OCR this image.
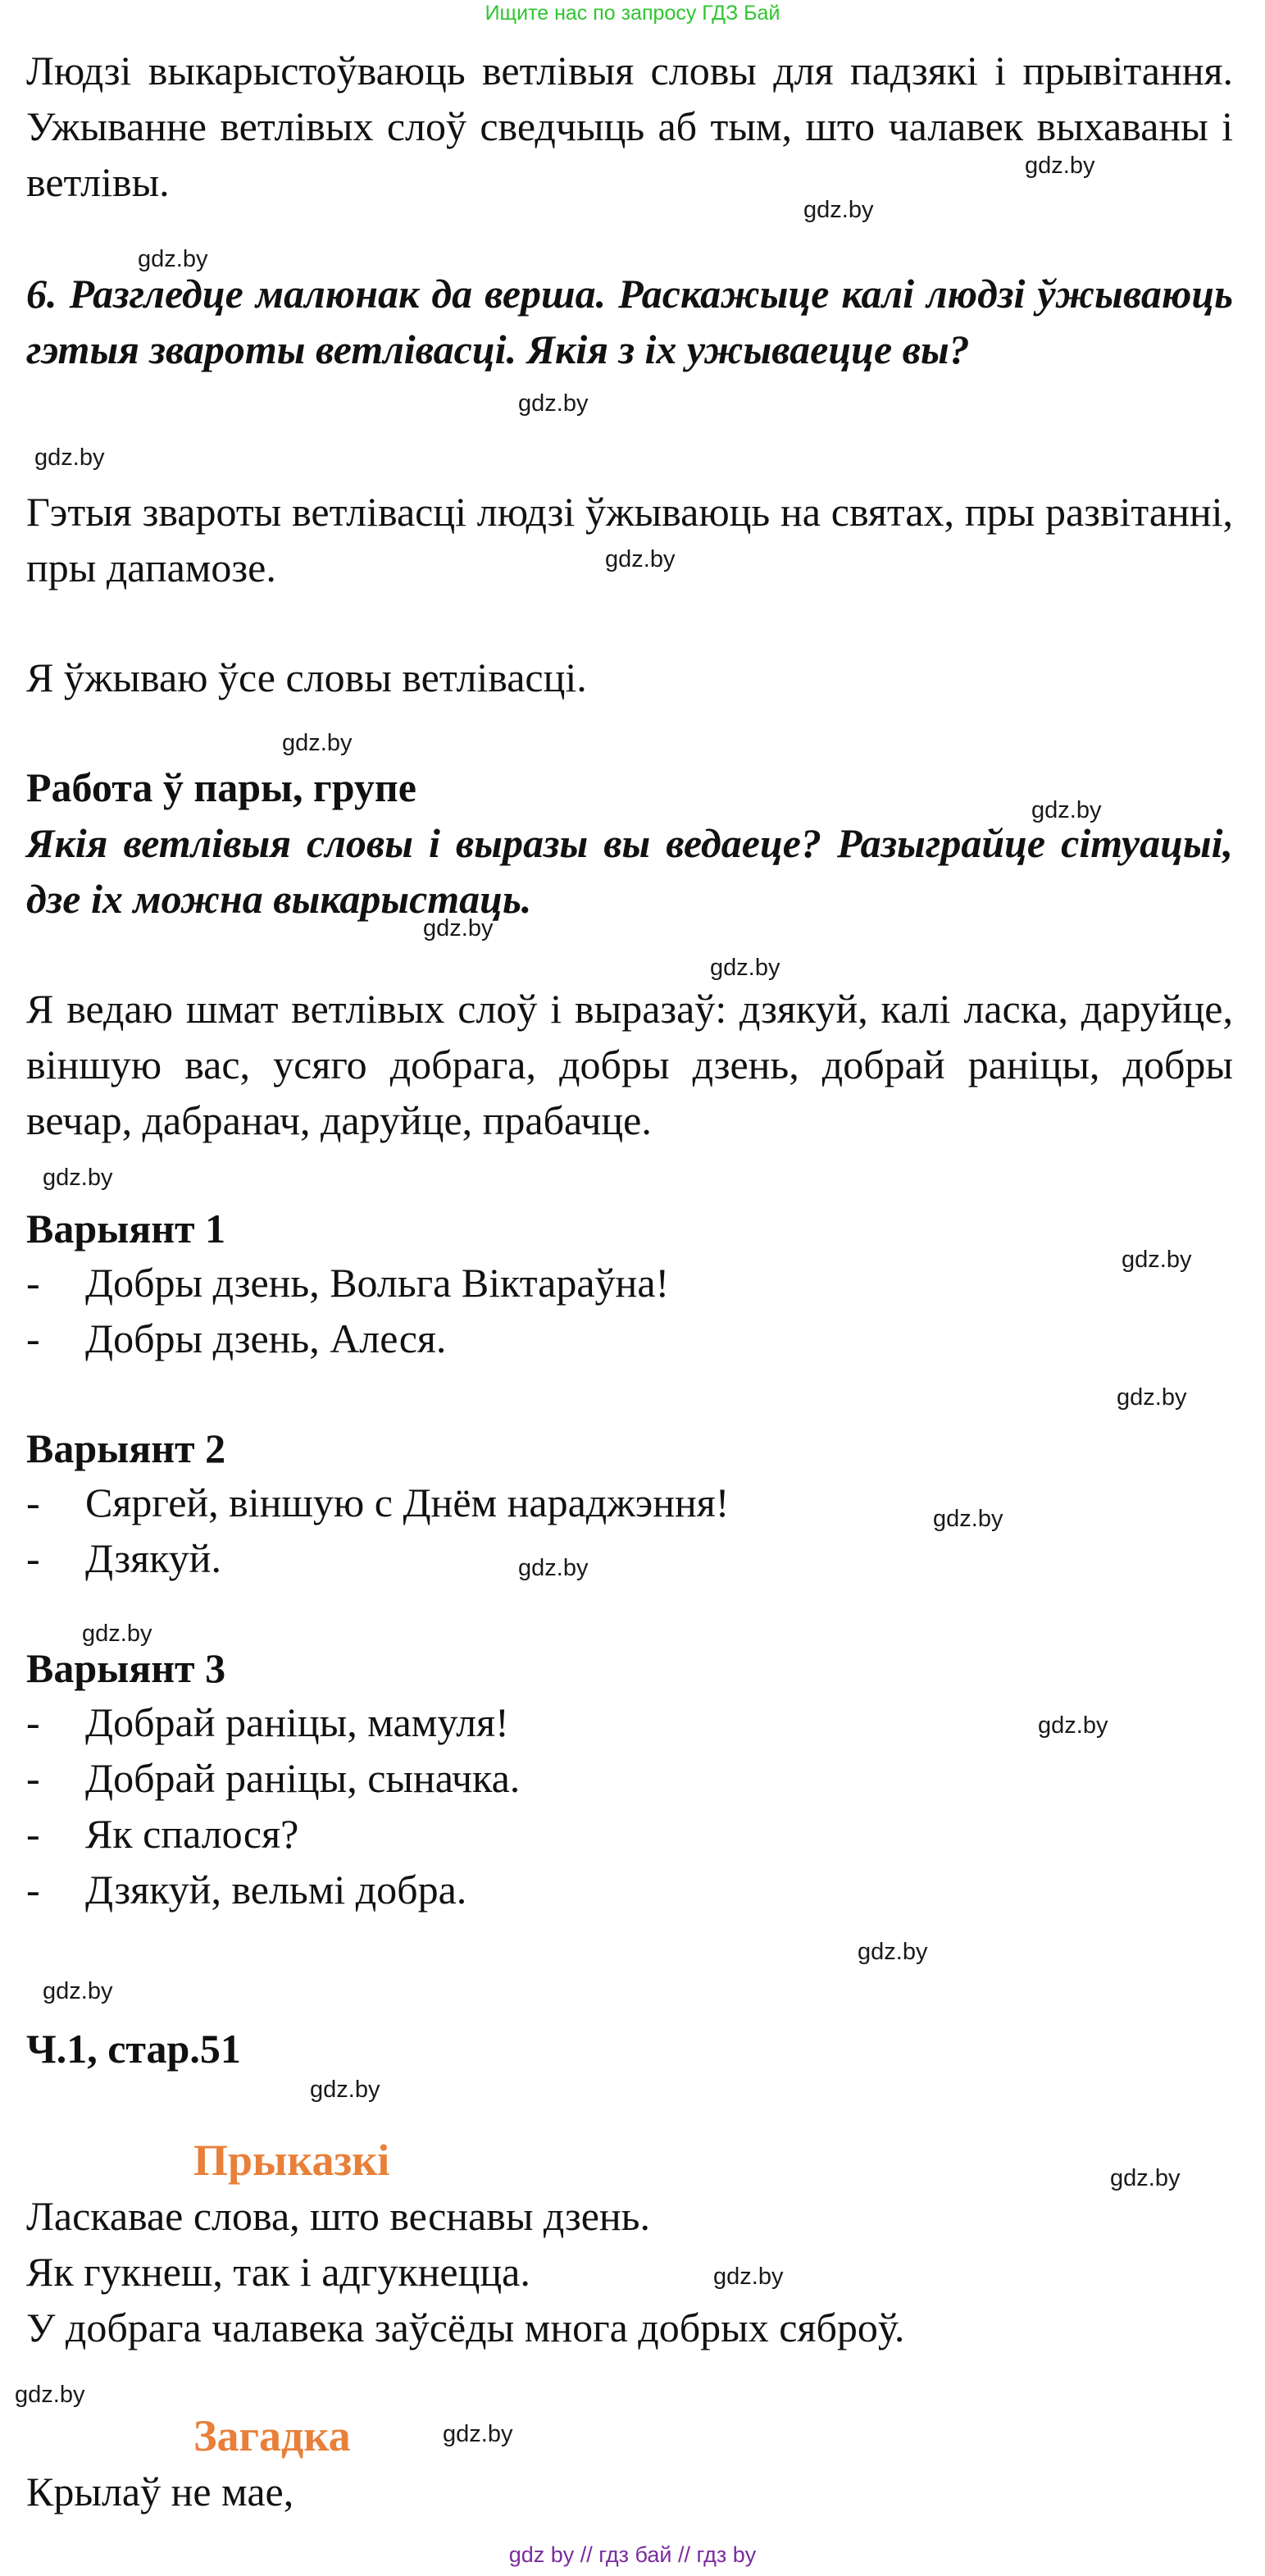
Ищите нас по запросу ГДЗ Бай

Людзі выкарыстоўваюць ветлівыя словы для падзякі і прывітання. Ужыванне ветлівых слоў сведчыць аб тым, што чалавек выхаваны і ветлівы.

6. Разгледце малюнак да верша. Раскажыце калі людзі ўжываюць гэтыя звароты ветлівасці. Якія з іх ужываецце вы?

Гэтыя звароты ветлівасці людзі ўжываюць на святах, пры развітанні, пры дапамозе.

Я ўжываю ўсе словы ветлівасці.

Работа ў пары, групе

Якія ветлівыя словы і выразы вы ведаеце? Разыграйце сітуацыі, дзе іх можна выкарыстаць.

Я ведаю шмат ветлівых слоў і выразаў: дзякуй, калі ласка, даруйце, віншую вас, усяго добрага, добры дзень, добрай раніцы, добры вечар, дабранач, даруйце, прабачце.

Варыянт 1

- Добры дзень, Вольга Віктараўна!
- Добры дзень, Алеся.

Варыянт 2

- Сяргей, віншую с Днём нараджэння!
- Дзякуй.

Варыянт 3

- Добрай раніцы, мамуля!
- Добрай раніцы, сыначка.
- Як спалося?
- Дзякуй, вельмі добра.

Ч.1, стар.51

Прыказкі

Ласкавае слова, што веснавы дзень.

Як гукнеш, так і адгукнецца.

У добрага чалавека заўсёды многа добрых сяброў.

Загадка

Крылаў не мае,

gdz.by
gdz.by
gdz.by
gdz.by
gdz.by
gdz.by
gdz.by
gdz.by
gdz.by
gdz.by
gdz.by
gdz.by
gdz.by
gdz.by
gdz.by
gdz.by
gdz.by
gdz.by
gdz.by
gdz.by
gdz.by
gdz.by
gdz.by
gdz.by
gdz by // гдз бай // гдз by
